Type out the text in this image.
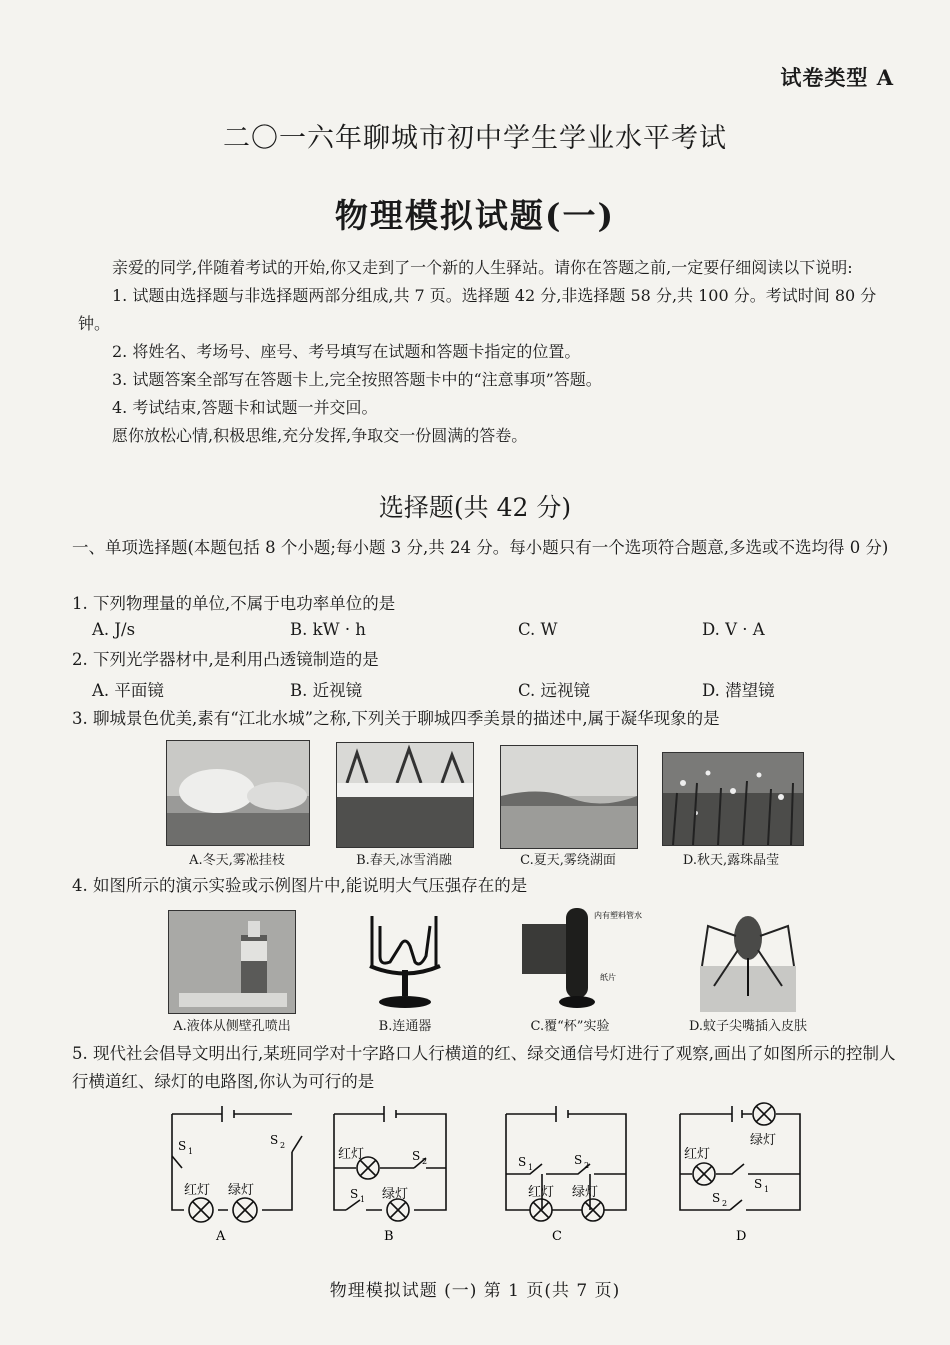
试卷类型 A
二〇一六年聊城市初中学生学业水平考试
物理模拟试题(一)

亲爱的同学,伴随着考试的开始,你又走到了一个新的人生驿站。请你在答题之前,一定要仔细阅读以下说明:

1. 试题由选择题与非选择题两部分组成,共 7 页。选择题 42 分,非选择题 58 分,共 100 分。考试时间 80 分钟。

2. 将姓名、考场号、座号、考号填写在试题和答题卡指定的位置。

3. 试题答案全部写在答题卡上,完全按照答题卡中的“注意事项”答题。

4. 考试结束,答题卡和试题一并交回。

愿你放松心情,积极思维,充分发挥,争取交一份圆满的答卷。

选择题(共 42 分)
一、单项选择题(本题包括 8 个小题;每小题 3 分,共 24 分。每小题只有一个选项符合题意,多选或不选均得 0 分)
1. 下列物理量的单位,不属于电功率单位的是
A. J/s	B. kW · h	C. W	D. V · A
2. 下列光学器材中,是利用凸透镜制造的是
A. 平面镜	B. 近视镜	C. 远视镜	D. 潜望镜
3. 聊城景色优美,素有“江北水城”之称,下列关于聊城四季美景的描述中,属于凝华现象的是
A.冬天,雾凇挂枝	B.春天,冰雪消融	C.夏天,雾绕湖面	D.秋天,露珠晶莹
4. 如图所示的演示实验或示例图片中,能说明大气压强存在的是
A.液体从侧壁孔喷出	B.连通器
内有塑料管水
纸片
C.覆“杯”实验	D.蚊子尖嘴插入皮肤
5. 现代社会倡导文明出行,某班同学对十字路口人行横道的红、绿交通信号灯进行了观察,画出了如图所示的控制人行横道红、绿灯的电路图,你认为可行的是
S 1
S 2
红灯 绿灯
A
红灯	S 2
S 1 绿灯
B
S 1
S 2
红灯 绿灯
C
绿灯
红灯
S 1
S 2
D
物理模拟试题 (一) 第 1 页(共 7 页)
